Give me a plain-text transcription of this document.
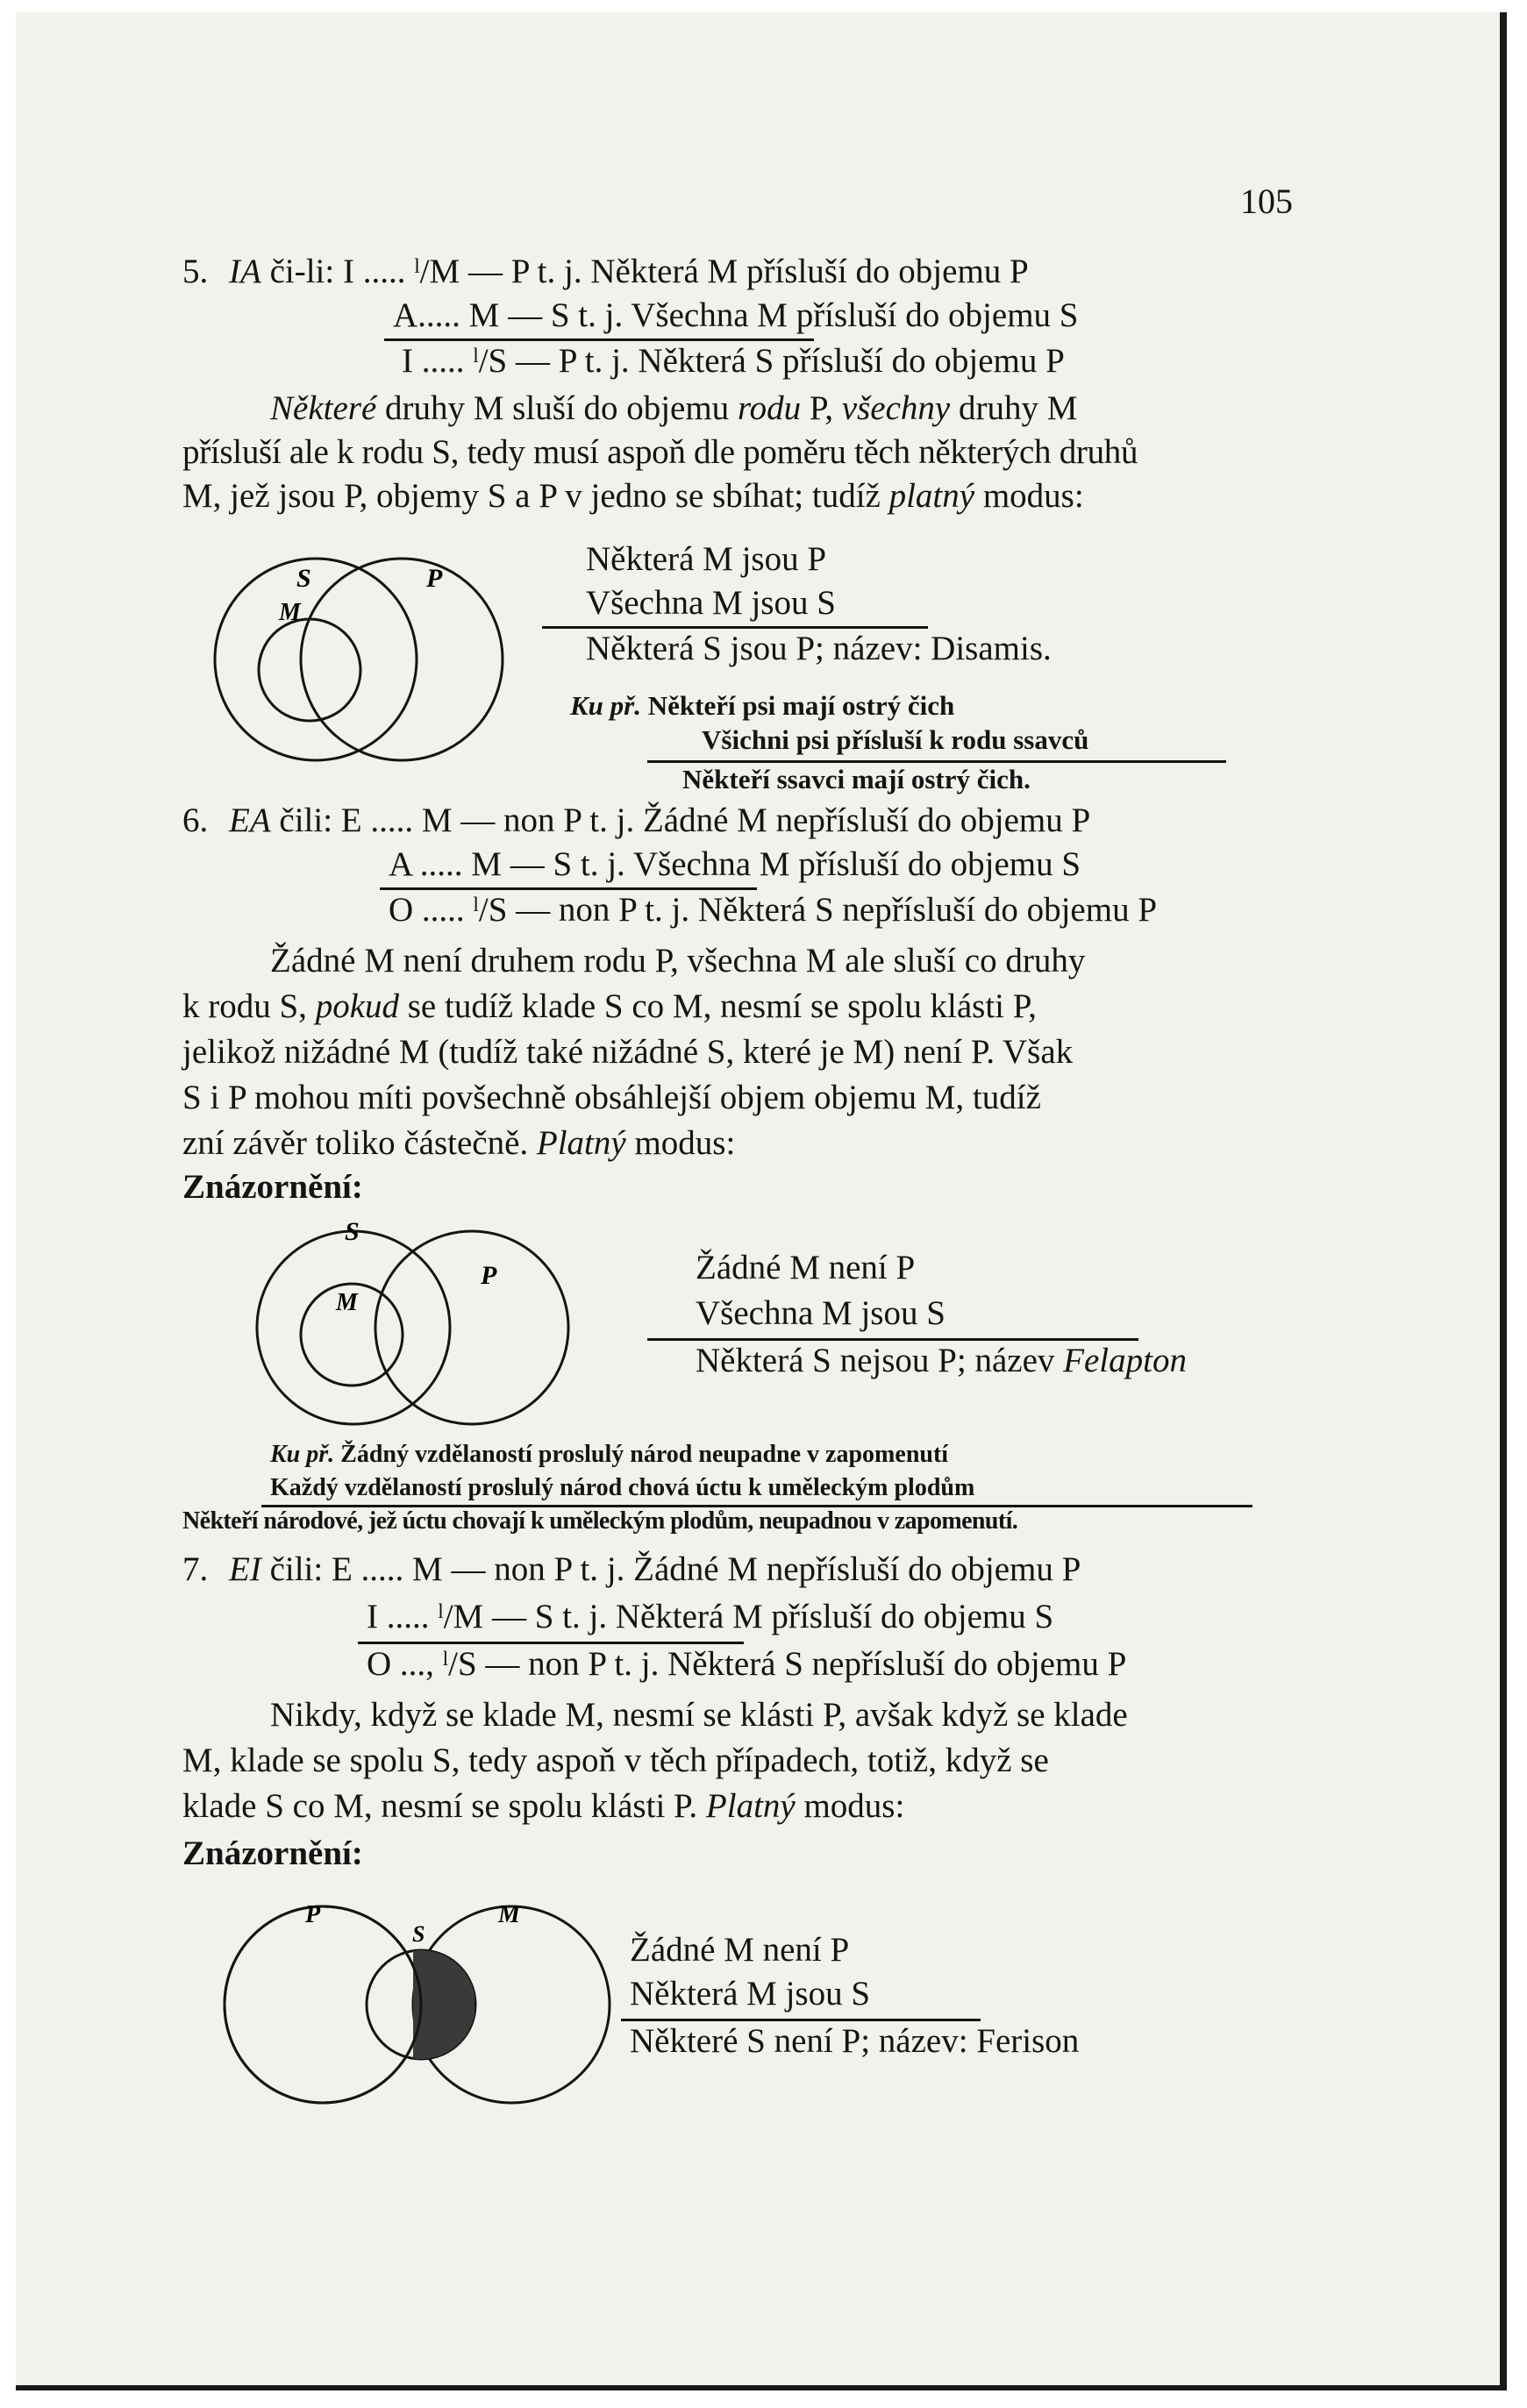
105
5. IA či-li: I ..... ˡ/M — P t. j. Některá M přísluší do objemu P
A..... M — S t. j. Všechna M přísluší do objemu S
I ..... ˡ/S — P t. j. Některá S přísluší do objemu P
Některé druhy M sluší do objemu rodu P, všechny druhy M
přísluší ale k rodu S, tedy musí aspoň dle poměru těch některých druhů
M, jež jsou P, objemy S a P v jedno se sbíhat; tudíž platný modus:
S
M
P
Některá M jsou P
Všechna M jsou S
Některá S jsou P; název: Disamis.
Ku př. Někteří psi mají ostrý čich
Všichni psi přísluší k rodu ssavců
Někteří ssavci mají ostrý čich.
6. EA čili: E ..... M — non P t. j. Žádné M nepřísluší do objemu P
A ..... M — S t. j. Všechna M přísluší do objemu S
O ..... ˡ/S — non P t. j. Některá S nepřísluší do objemu P
Žádné M není druhem rodu P, všechna M ale sluší co druhy
k rodu S, pokud se tudíž klade S co M, nesmí se spolu klásti P,
jelikož nižádné M (tudíž také nižádné S, které je M) není P. Však
S i P mohou míti povšechně obsáhlejší objem objemu M, tudíž
zní závěr toliko částečně. Platný modus:
Znázornění:
S
M
P	Žádné M není P
Všechna M jsou S
Některá S nejsou P; název Felapton
Ku př. Žádný vzdělaností proslulý národ neupadne v zapomenutí
Každý vzdělaností proslulý národ chová úctu k uměleckým plodům
Někteří národové, jež úctu chovají k uměleckým plodům, neupadnou v zapomenutí.
7. EI čili: E ..... M — non P t. j. Žádné M nepřísluší do objemu P
I ..... ˡ/M — S t. j. Některá M přísluší do objemu S
O ..., ˡ/S — non P t. j. Některá S nepřísluší do objemu P
Nikdy, když se klade M, nesmí se klásti P, avšak když se klade
M, klade se spolu S, tedy aspoň v těch případech, totiž, když se
klade S co M, nesmí se spolu klásti P. Platný modus:
Znázornění:
P
S
M
Žádné M není P
Některá M jsou S
Některé S není P; název: Ferison
